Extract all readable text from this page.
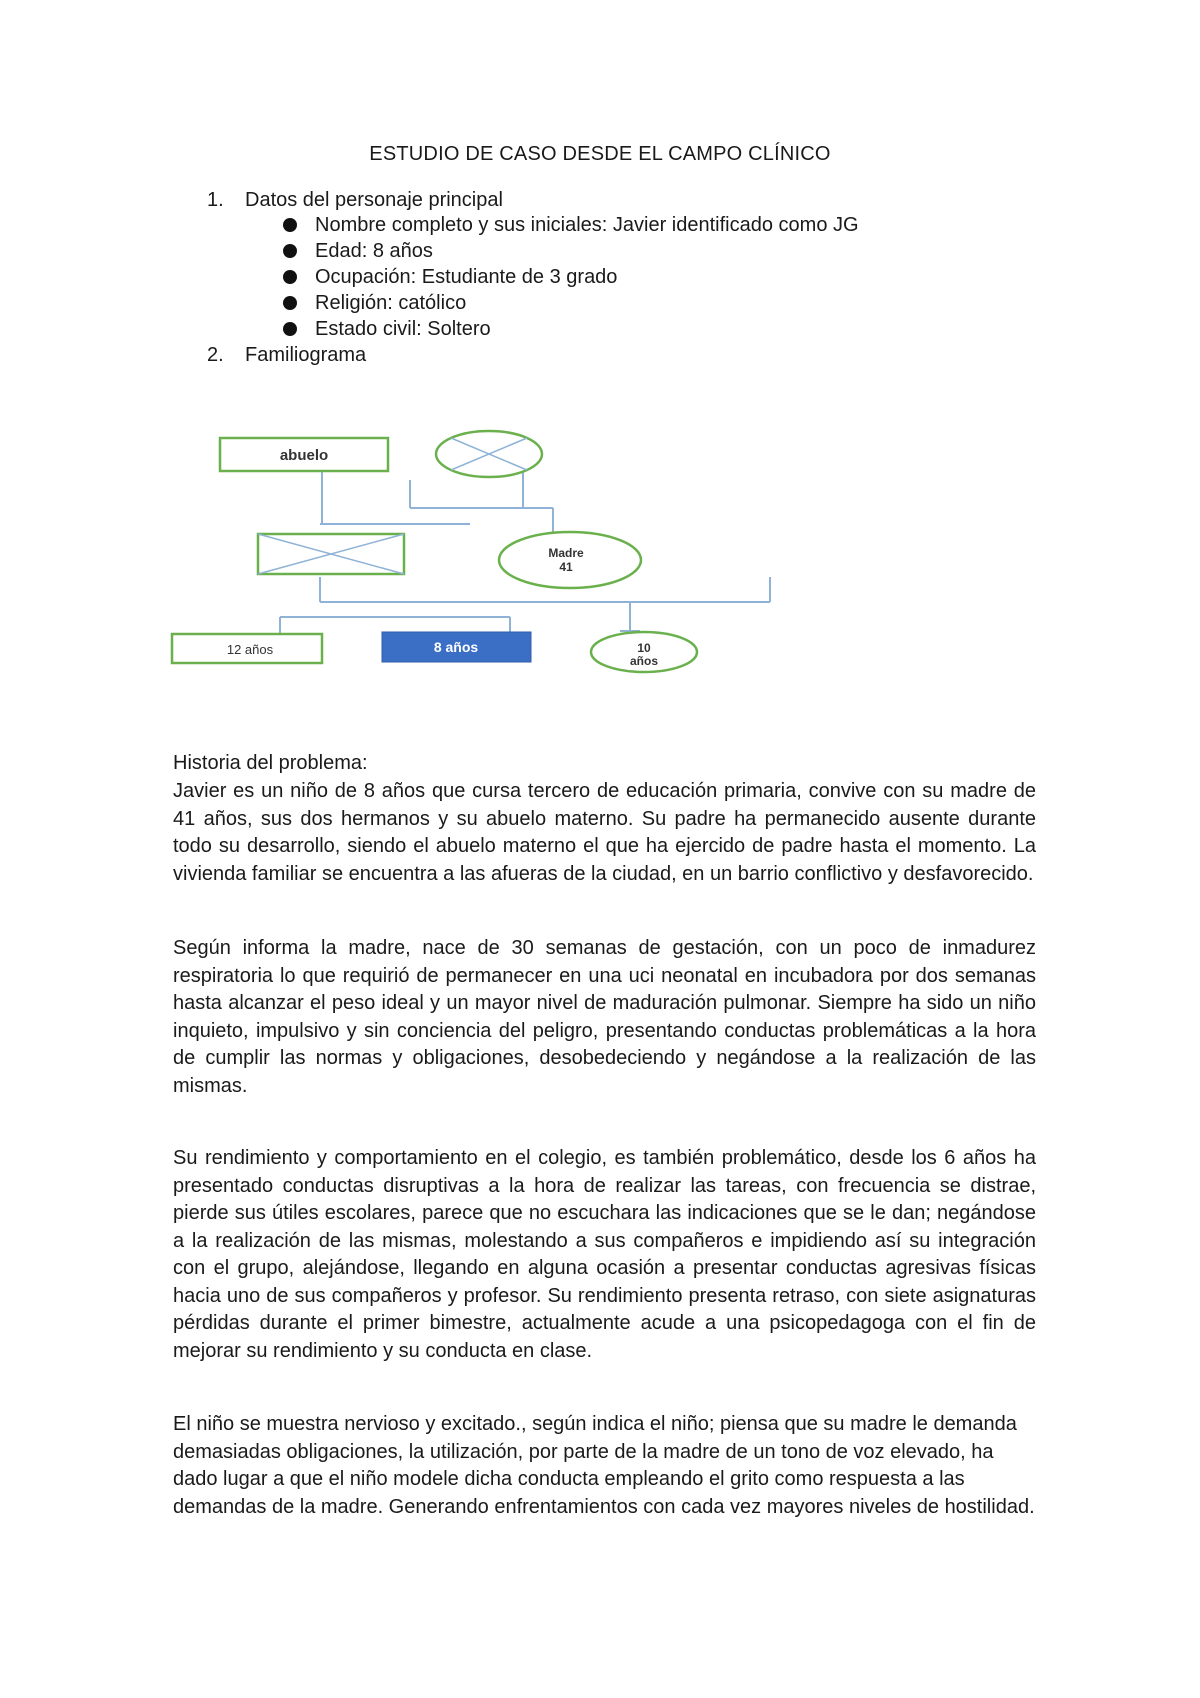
ESTUDIO DE CASO DESDE EL CAMPO CLÍNICO
1. Datos del personaje principal
Nombre completo y sus iniciales: Javier identificado como JG
Edad: 8 años
Ocupación: Estudiante de 3 grado
Religión: católico
Estado civil: Soltero
2. Familiograma
abuelo
Madre
41
12 años	8 años	10
años
Historia del problema:

Javier es un niño de 8 años que cursa tercero de educación primaria, convive con su madre de 41 años, sus dos hermanos y su abuelo materno. Su padre ha permanecido ausente durante todo su desarrollo, siendo el abuelo materno el que ha ejercido de padre hasta el momento. La vivienda familiar se encuentra a las afueras de la ciudad, en un barrio conflictivo y desfavorecido.

Según informa la madre, nace de 30 semanas de gestación, con un poco de inmadurez respiratoria lo que requirió de permanecer en una uci neonatal en incubadora por dos semanas hasta alcanzar el peso ideal y un mayor nivel de maduración pulmonar. Siempre ha sido un niño inquieto, impulsivo y sin conciencia del peligro, presentando conductas problemáticas a la hora de cumplir las normas y obligaciones, desobedeciendo y negándose a la realización de las mismas.

Su rendimiento y comportamiento en el colegio, es también problemático, desde los 6 años ha presentado conductas disruptivas a la hora de realizar las tareas, con frecuencia se distrae, pierde sus útiles escolares, parece que no escuchara las indicaciones que se le dan; negándose a la realización de las mismas, molestando a sus compañeros e impidiendo así su integración con el grupo, alejándose, llegando en alguna ocasión a presentar conductas agresivas físicas hacia uno de sus compañeros y profesor. Su rendimiento presenta retraso, con siete asignaturas pérdidas durante el primer bimestre, actualmente acude a una psicopedagoga con el fin de mejorar su rendimiento y su conducta en clase.

El niño se muestra nervioso y excitado., según indica el niño; piensa que su madre le demanda demasiadas obligaciones, la utilización, por parte de la madre de un tono de voz elevado, ha dado lugar a que el niño modele dicha conducta empleando el grito como respuesta a las demandas de la madre. Generando enfrentamientos con cada vez mayores niveles de hostilidad.
